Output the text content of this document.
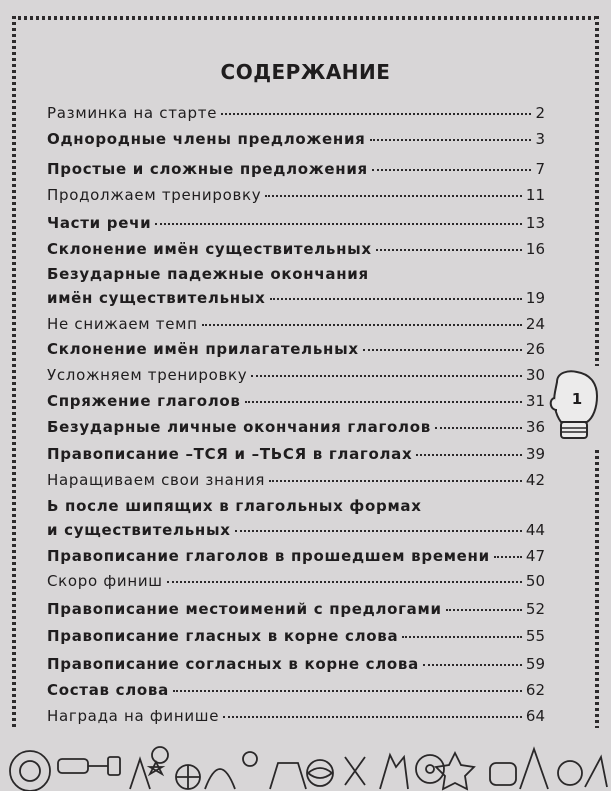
СОДЕРЖАНИЕ
Разминка на старте	2
Однородные члены предложения	3
Простые и сложные предложения	7
Продолжаем тренировку	11
Части речи	13
Склонение имён существительных	16
Безударные падежные окончания
имён существительных	19
Не снижаем темп	24
Склонение имён прилагательных	26
Усложняем тренировку	30
Спряжение глаголов	31
Безударные личные окончания глаголов	36
Правописание –ТСЯ и –ТЬСЯ в глаголах	39
Наращиваем свои знания	42
Ь после шипящих в глагольных формах
и существительных	44
Правописание глаголов в прошедшем времени 47
Скоро финиш	50
Правописание местоимений с предлогами	52
Правописание гласных в корне слова	55
Правописание согласных в корне слова	59
Состав слова	62
Награда на финише	64
1
